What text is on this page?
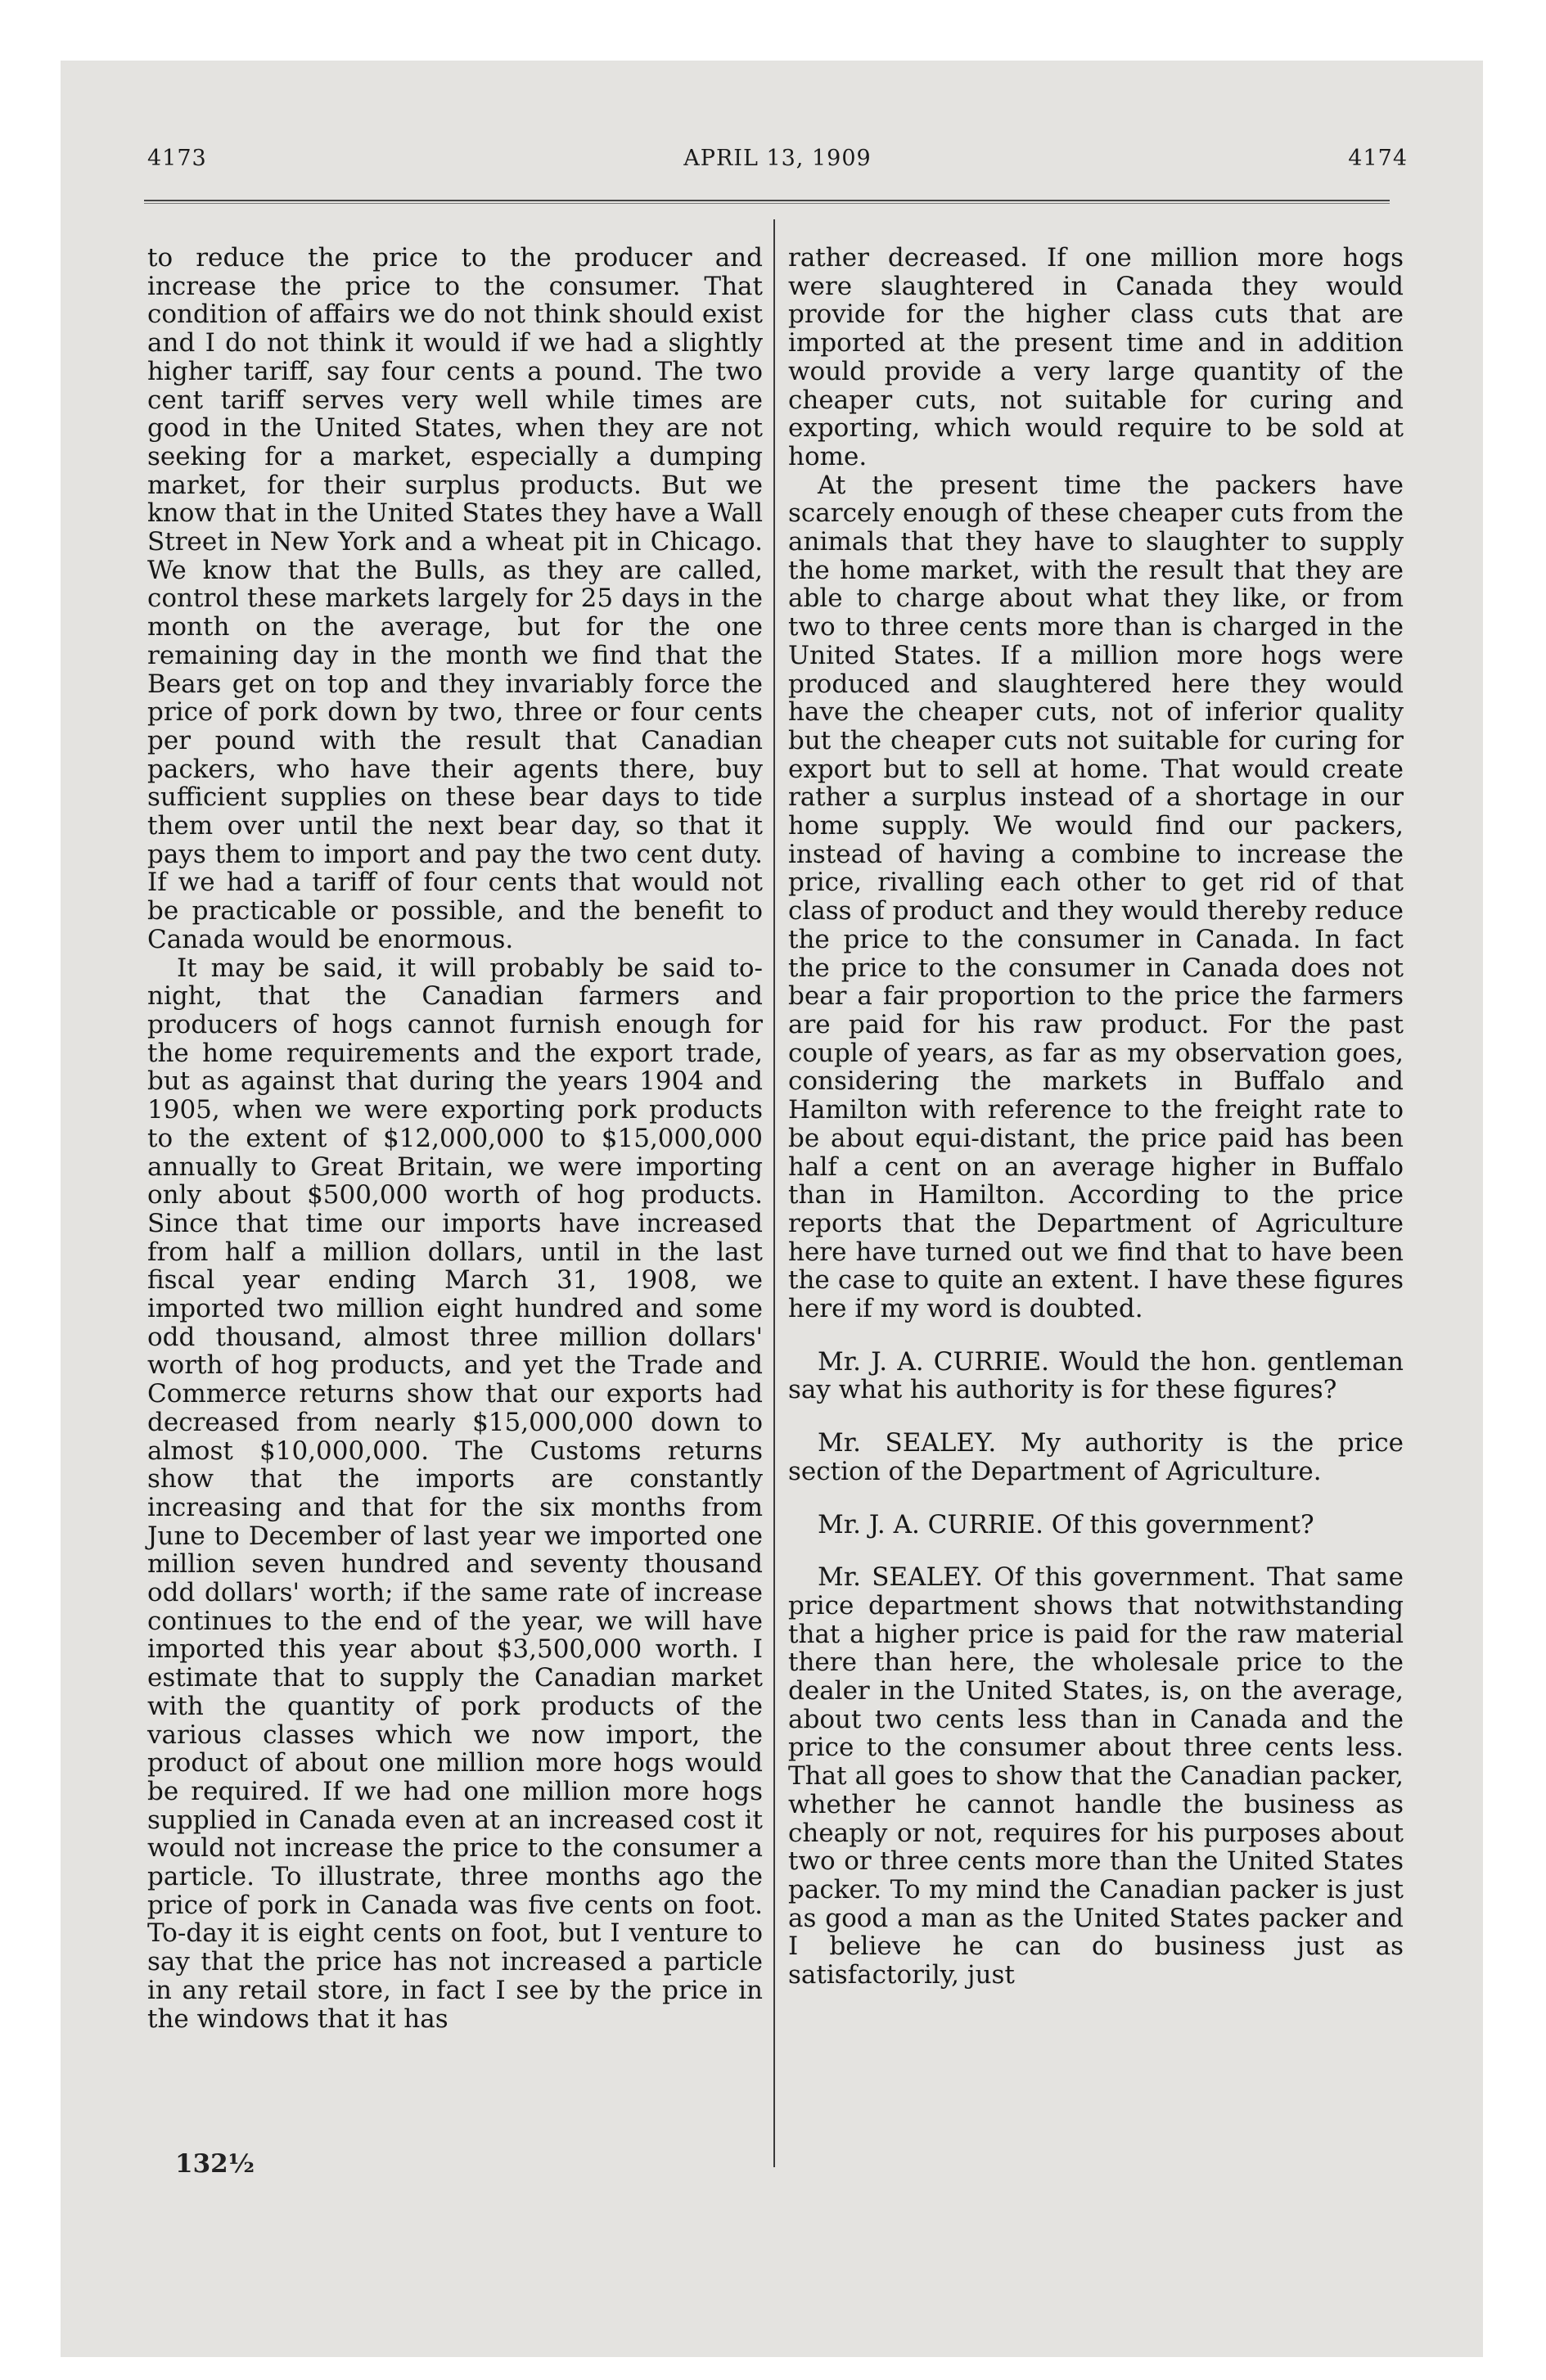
4173	APRIL 13, 1909	4174

to reduce the price to the producer and increase the price to the consumer. That condition of affairs we do not think should exist and I do not think it would if we had a slightly higher tariff, say four cents a pound. The two cent tariff serves very well while times are good in the United States, when they are not seeking for a market, especially a dumping market, for their surplus products. But we know that in the United States they have a Wall Street in New York and a wheat pit in Chicago. We know that the Bulls, as they are called, control these markets largely for 25 days in the month on the average, but for the one remaining day in the month we find that the Bears get on top and they invariably force the price of pork down by two, three or four cents per pound with the result that Canadian packers, who have their agents there, buy sufficient supplies on these bear days to tide them over until the next bear day, so that it pays them to import and pay the two cent duty. If we had a tariff of four cents that would not be practicable or possible, and the benefit to Canada would be enormous.

It may be said, it will probably be said to-night, that the Canadian farmers and producers of hogs cannot furnish enough for the home requirements and the export trade, but as against that during the years 1904 and 1905, when we were exporting pork products to the extent of $12,000,000 to $15,000,000 annually to Great Britain, we were importing only about $500,000 worth of hog products. Since that time our imports have increased from half a million dollars, until in the last fiscal year ending March 31, 1908, we imported two million eight hundred and some odd thousand, almost three million dollars' worth of hog products, and yet the Trade and Commerce returns show that our exports had decreased from nearly $15,000,000 down to almost $10,000,000. The Customs returns show that the imports are constantly increasing and that for the six months from June to December of last year we imported one million seven hundred and seventy thousand odd dollars' worth; if the same rate of increase continues to the end of the year, we will have imported this year about $3,500,000 worth. I estimate that to supply the Canadian market with the quantity of pork products of the various classes which we now import, the product of about one million more hogs would be required. If we had one million more hogs supplied in Canada even at an increased cost it would not increase the price to the consumer a particle. To illustrate, three months ago the price of pork in Canada was five cents on foot. To-day it is eight cents on foot, but I venture to say that the price has not increased a particle in any retail store, in fact I see by the price in the windows that it has

rather decreased. If one million more hogs were slaughtered in Canada they would provide for the higher class cuts that are imported at the present time and in addition would provide a very large quantity of the cheaper cuts, not suitable for curing and exporting, which would require to be sold at home.

At the present time the packers have scarcely enough of these cheaper cuts from the animals that they have to slaughter to supply the home market, with the result that they are able to charge about what they like, or from two to three cents more than is charged in the United States. If a million more hogs were produced and slaughtered here they would have the cheaper cuts, not of inferior quality but the cheaper cuts not suitable for curing for export but to sell at home. That would create rather a surplus instead of a shortage in our home supply. We would find our packers, instead of having a combine to increase the price, rivalling each other to get rid of that class of product and they would thereby reduce the price to the consumer in Canada. In fact the price to the consumer in Canada does not bear a fair proportion to the price the farmers are paid for his raw product. For the past couple of years, as far as my observation goes, considering the markets in Buffalo and Hamilton with reference to the freight rate to be about equi-distant, the price paid has been half a cent on an average higher in Buffalo than in Hamilton. According to the price reports that the Department of Agriculture here have turned out we find that to have been the case to quite an extent. I have these figures here if my word is doubted.

Mr. J. A. CURRIE. Would the hon. gentleman say what his authority is for these figures?

Mr. SEALEY. My authority is the price section of the Department of Agriculture.

Mr. J. A. CURRIE. Of this government?

Mr. SEALEY. Of this government. That same price department shows that notwithstanding that a higher price is paid for the raw material there than here, the wholesale price to the dealer in the United States, is, on the average, about two cents less than in Canada and the price to the consumer about three cents less. That all goes to show that the Canadian packer, whether he cannot handle the business as cheaply or not, requires for his purposes about two or three cents more than the United States packer. To my mind the Canadian packer is just as good a man as the United States packer and I believe he can do business just as satisfactorily, just

132½
